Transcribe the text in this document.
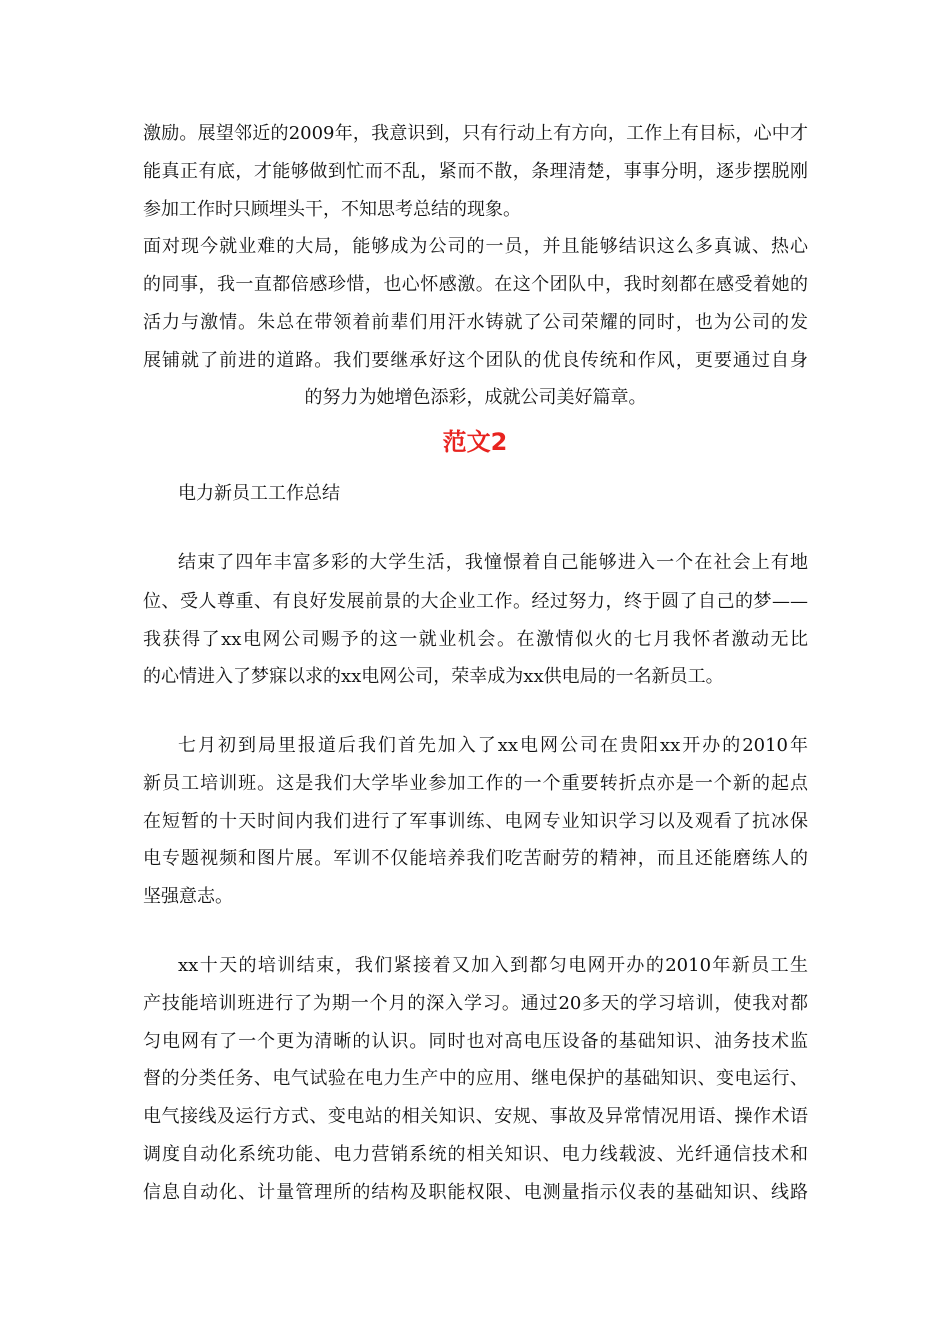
激励。展望邻近的2009年，我意识到，只有行动上有方向，工作上有目标，心中才
能真正有底，才能够做到忙而不乱，紧而不散，条理清楚，事事分明，逐步摆脱刚
参加工作时只顾埋头干，不知思考总结的现象。
面对现今就业难的大局，能够成为公司的一员，并且能够结识这么多真诚、热心
的同事，我一直都倍感珍惜，也心怀感激。在这个团队中，我时刻都在感受着她的
活力与激情。朱总在带领着前辈们用汗水铸就了公司荣耀的同时，也为公司的发
展铺就了前进的道路。我们要继承好这个团队的优良传统和作风，更要通过自身
的努力为她增色添彩，成就公司美好篇章。
范文2
电力新员工工作总结
结束了四年丰富多彩的大学生活，我憧憬着自己能够进入一个在社会上有地
位、受人尊重、有良好发展前景的大企业工作。经过努力，终于圆了自己的梦——
我获得了xx电网公司赐予的这一就业机会。在激情似火的七月我怀者激动无比
的心情进入了梦寐以求的xx电网公司，荣幸成为xx供电局的一名新员工。
七月初到局里报道后我们首先加入了xx电网公司在贵阳xx开办的2010年
新员工培训班。这是我们大学毕业参加工作的一个重要转折点亦是一个新的起点
在短暂的十天时间内我们进行了军事训练、电网专业知识学习以及观看了抗冰保
电专题视频和图片展。军训不仅能培养我们吃苦耐劳的精神，而且还能磨练人的
坚强意志。
xx十天的培训结束，我们紧接着又加入到都匀电网开办的2010年新员工生
产技能培训班进行了为期一个月的深入学习。通过20多天的学习培训，使我对都
匀电网有了一个更为清晰的认识。同时也对高电压设备的基础知识、油务技术监
督的分类任务、电气试验在电力生产中的应用、继电保护的基础知识、变电运行、
电气接线及运行方式、变电站的相关知识、安规、事故及异常情况用语、操作术语
调度自动化系统功能、电力营销系统的相关知识、电力线载波、光纤通信技术和
信息自动化、计量管理所的结构及职能权限、电测量指示仪表的基础知识、线路
